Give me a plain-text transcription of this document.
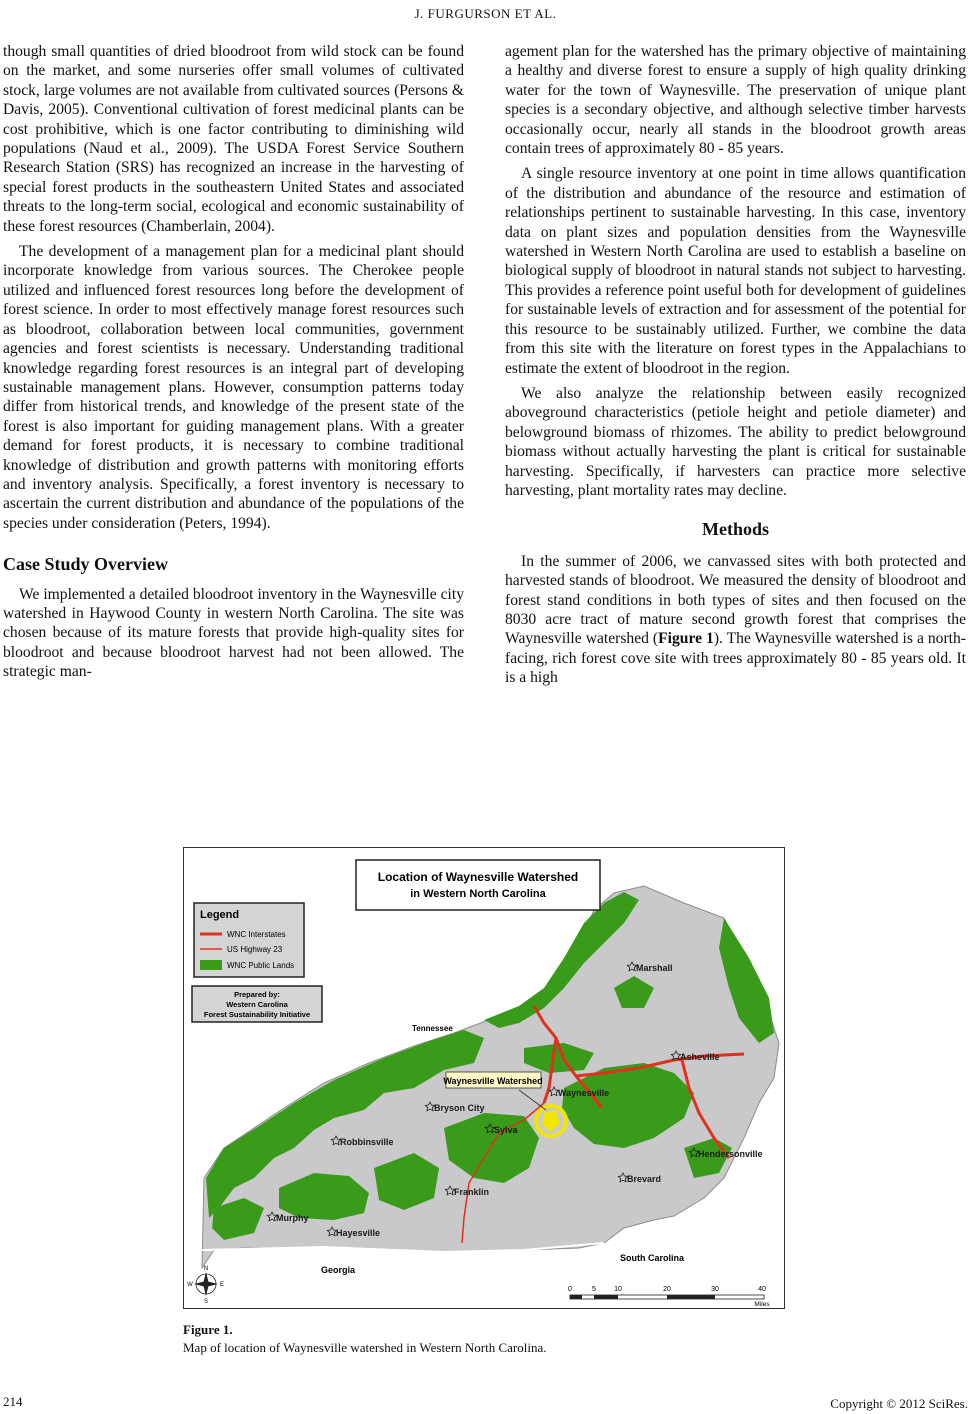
J. FURGURSON ET AL.

though small quantities of dried bloodroot from wild stock can be found on the market, and some nurseries offer small volumes of cultivated stock, large volumes are not available from cultivated sources (Persons & Davis, 2005). Conventional cultivation of forest medicinal plants can be cost prohibitive, which is one factor contributing to diminishing wild populations (Naud et al., 2009). The USDA Forest Service Southern Research Station (SRS) has recognized an increase in the harvesting of special forest products in the southeastern United States and associated threats to the long-term social, ecological and economic sustainability of these forest resources (Chamberlain, 2004).

The development of a management plan for a medicinal plant should incorporate knowledge from various sources. The Cherokee people utilized and influenced forest resources long before the development of forest science. In order to most effectively manage forest resources such as bloodroot, collaboration between local communities, government agencies and forest scientists is necessary. Understanding traditional knowledge regarding forest resources is an integral part of developing sustainable management plans. However, consumption patterns today differ from historical trends, and knowledge of the present state of the forest is also important for guiding management plans. With a greater demand for forest products, it is necessary to combine traditional knowledge of distribution and growth patterns with monitoring efforts and inventory analysis. Specifically, a forest inventory is necessary to ascertain the current distribution and abundance of the populations of the species under consideration (Peters, 1994).

Case Study Overview

We implemented a detailed bloodroot inventory in the Waynesville city watershed in Haywood County in western North Carolina. The site was chosen because of its mature forests that provide high-quality sites for bloodroot and because bloodroot harvest had not been allowed. The strategic man-

agement plan for the watershed has the primary objective of maintaining a healthy and diverse forest to ensure a supply of high quality drinking water for the town of Waynesville. The preservation of unique plant species is a secondary objective, and although selective timber harvests occasionally occur, nearly all stands in the bloodroot growth areas contain trees of approximately 80 - 85 years.

A single resource inventory at one point in time allows quantification of the distribution and abundance of the resource and estimation of relationships pertinent to sustainable harvesting. In this case, inventory data on plant sizes and population densities from the Waynesville watershed in Western North Carolina are used to establish a baseline on biological supply of bloodroot in natural stands not subject to harvesting. This provides a reference point useful both for development of guidelines for sustainable levels of extraction and for assessment of the potential for this resource to be sustainably utilized. Further, we combine the data from this site with the literature on forest types in the Appalachians to estimate the extent of bloodroot in the region.

We also analyze the relationship between easily recognized aboveground characteristics (petiole height and petiole diameter) and belowground biomass of rhizomes. The ability to predict belowground biomass without actually harvesting the plant is critical for sustainable harvesting. Specifically, if harvesters can practice more selective harvesting, plant mortality rates may decline.

Methods

In the summer of 2006, we canvassed sites with both protected and harvested stands of bloodroot. We measured the density of bloodroot and forest stand conditions in both types of sites and then focused on the 8030 acre tract of mature second growth forest that comprises the Waynesville watershed (Figure 1). The Waynesville watershed is a north-facing, rich forest cove site with trees approximately 80 - 85 years old. It is a high

Waynesville Watershed
Location of Waynesville Watershed
in Western North Carolina
Legend
WNC Interstates
US Highway 23
WNC Public Lands
Prepared by:
Western Carolina
Forest Sustainability Initiative
Tennessee
Georgia
South Carolina
Marshall
Asheville
Waynesville
Bryson City
Sylva
Robbinsville
Hendersonville
Brevard
Franklin
Murphy
Hayesville
N
E
S
W
0	5	10	20	30	40
Miles
Figure 1.
Map of location of Waynesville watershed in Western North Carolina.
214	Copyright © 2012 SciRes.
